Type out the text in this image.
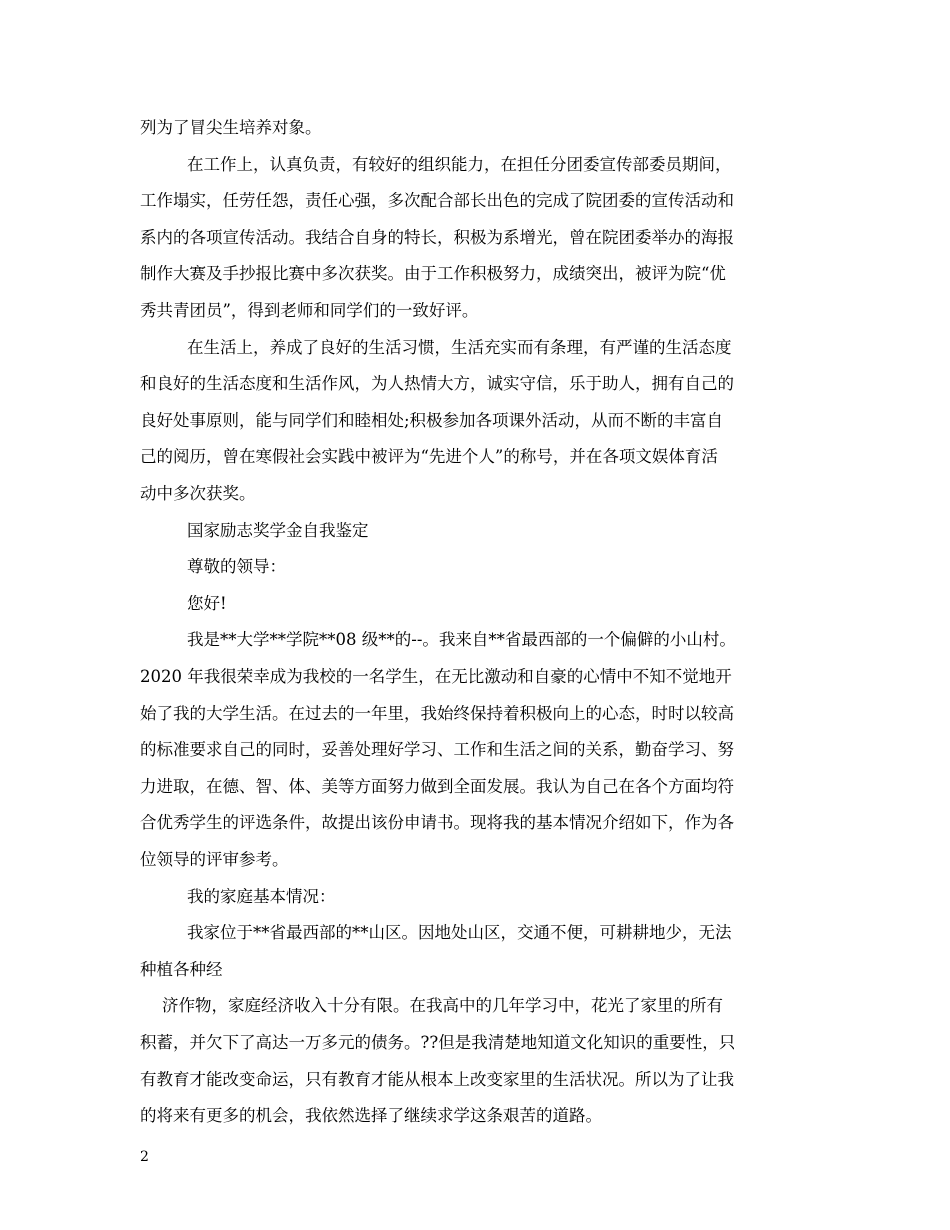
列为了冒尖生培养对象。
在工作上，认真负责，有较好的组织能力，在担任分团委宣传部委员期间，
工作塌实，任劳任怨，责任心强，多次配合部长出色的完成了院团委的宣传活动和
系内的各项宣传活动。我结合自身的特长，积极为系增光，曾在院团委举办的海报
制作大赛及手抄报比赛中多次获奖。由于工作积极努力，成绩突出，被评为院“优
秀共青团员”，得到老师和同学们的一致好评。
在生活上，养成了良好的生活习惯，生活充实而有条理，有严谨的生活态度
和良好的生活态度和生活作风，为人热情大方，诚实守信，乐于助人，拥有自己的
良好处事原则，能与同学们和睦相处;积极参加各项课外活动，从而不断的丰富自
己的阅历，曾在寒假社会实践中被评为“先进个人”的称号，并在各项文娱体育活
动中多次获奖。
国家励志奖学金自我鉴定
尊敬的领导：
您好!
我是**大学**学院**08 级**的--。我来自**省最西部的一个偏僻的小山村。
2020 年我很荣幸成为我校的一名学生，在无比激动和自豪的心情中不知不觉地开
始了我的大学生活。在过去的一年里，我始终保持着积极向上的心态，时时以较高
的标准要求自己的同时，妥善处理好学习、工作和生活之间的关系，勤奋学习、努
力进取，在德、智、体、美等方面努力做到全面发展。我认为自己在各个方面均符
合优秀学生的评选条件，故提出该份申请书。现将我的基本情况介绍如下，作为各
位领导的评审参考。
我的家庭基本情况：
我家位于**省最西部的**山区。因地处山区，交通不便，可耕耕地少，无法
种植各种经
济作物，家庭经济收入十分有限。在我高中的几年学习中，花光了家里的所有
积蓄，并欠下了高达一万多元的债务。??但是我清楚地知道文化知识的重要性，只
有教育才能改变命运，只有教育才能从根本上改变家里的生活状况。所以为了让我
的将来有更多的机会，我依然选择了继续求学这条艰苦的道路。
2
